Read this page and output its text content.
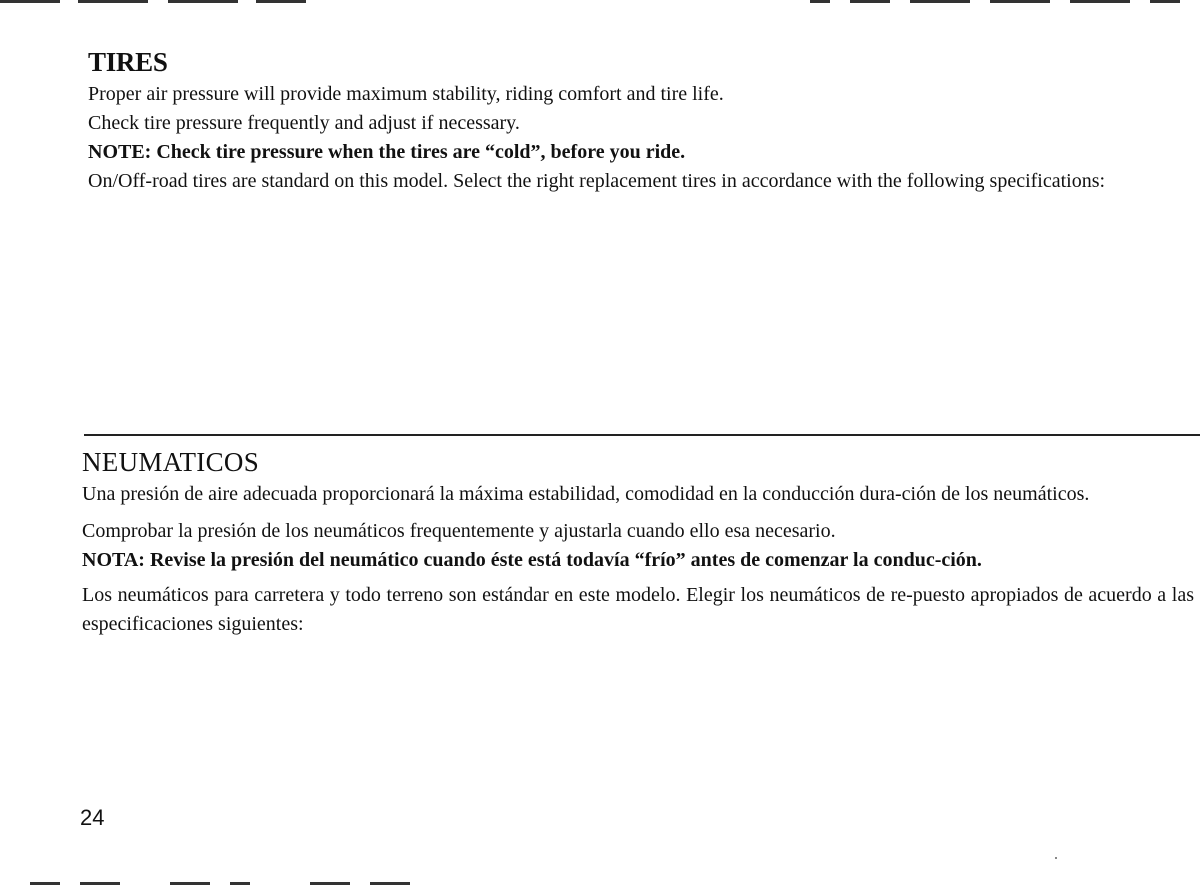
TIRES

Proper air pressure will provide maximum stability, riding comfort and tire life.

Check tire pressure frequently and adjust if necessary.

NOTE: Check tire pressure when the tires are “cold”, before you ride.

On/Off-road tires are standard on this model. Select the right replacement tires in accordance with the following specifications:

NEUMATICOS

Una presión de aire adecuada proporcionará la máxima estabilidad, comodidad en la conducción dura-ción de los neumáticos.

Comprobar la presión de los neumáticos frequentemente y ajustarla cuando ello esa necesario.

NOTA: Revise la presión del neumático cuando éste está todavía “frío” antes de comenzar la conduc-ción.

Los neumáticos para carretera y todo terreno son estándar en este modelo. Elegir los neumáticos de re-puesto apropiados de acuerdo a las especificaciones siguientes:

24
